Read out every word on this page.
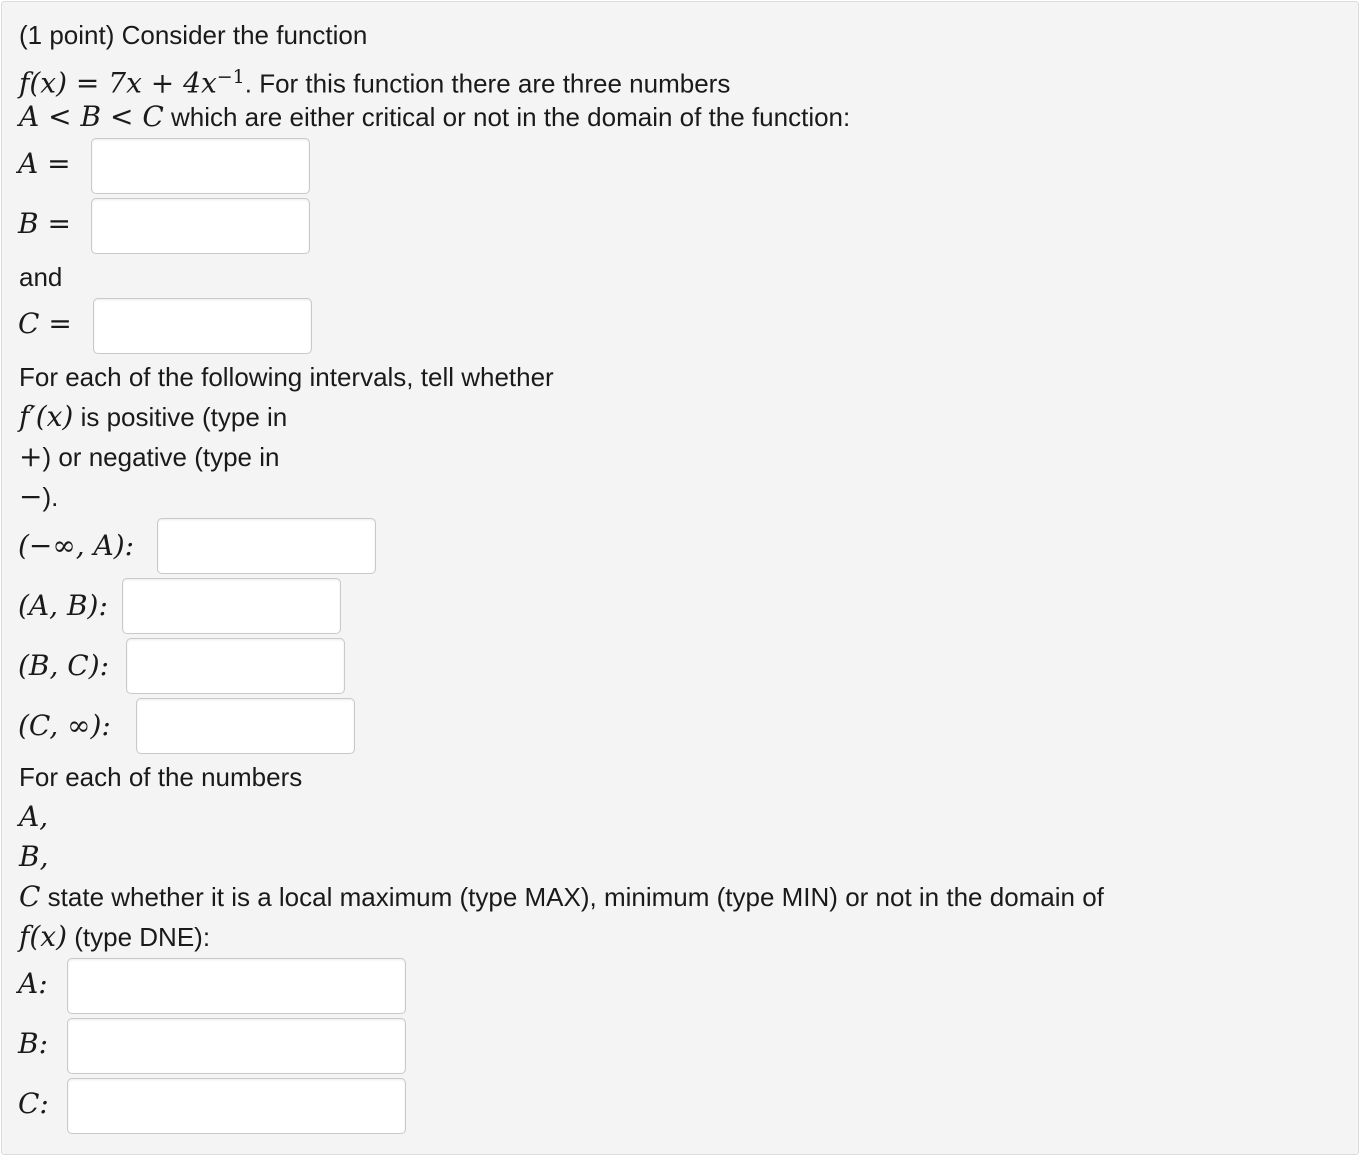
(1 point) Consider the function
$f(x) = 7x + 4x^{-1}$. For this function there are three numbers
A < B < C which are either critical or not in the domain of the function:
A =
B =
and
C =
For each of the following intervals, tell whether
f′(x) is positive (type in
+) or negative (type in
−).
(−∞, A):
(A, B):
(B, C):
(C, ∞):
For each of the numbers
A,
B,
C state whether it is a local maximum (type MAX), minimum (type MIN) or not in the domain of
f(x) (type DNE):
A:
B:
C:
